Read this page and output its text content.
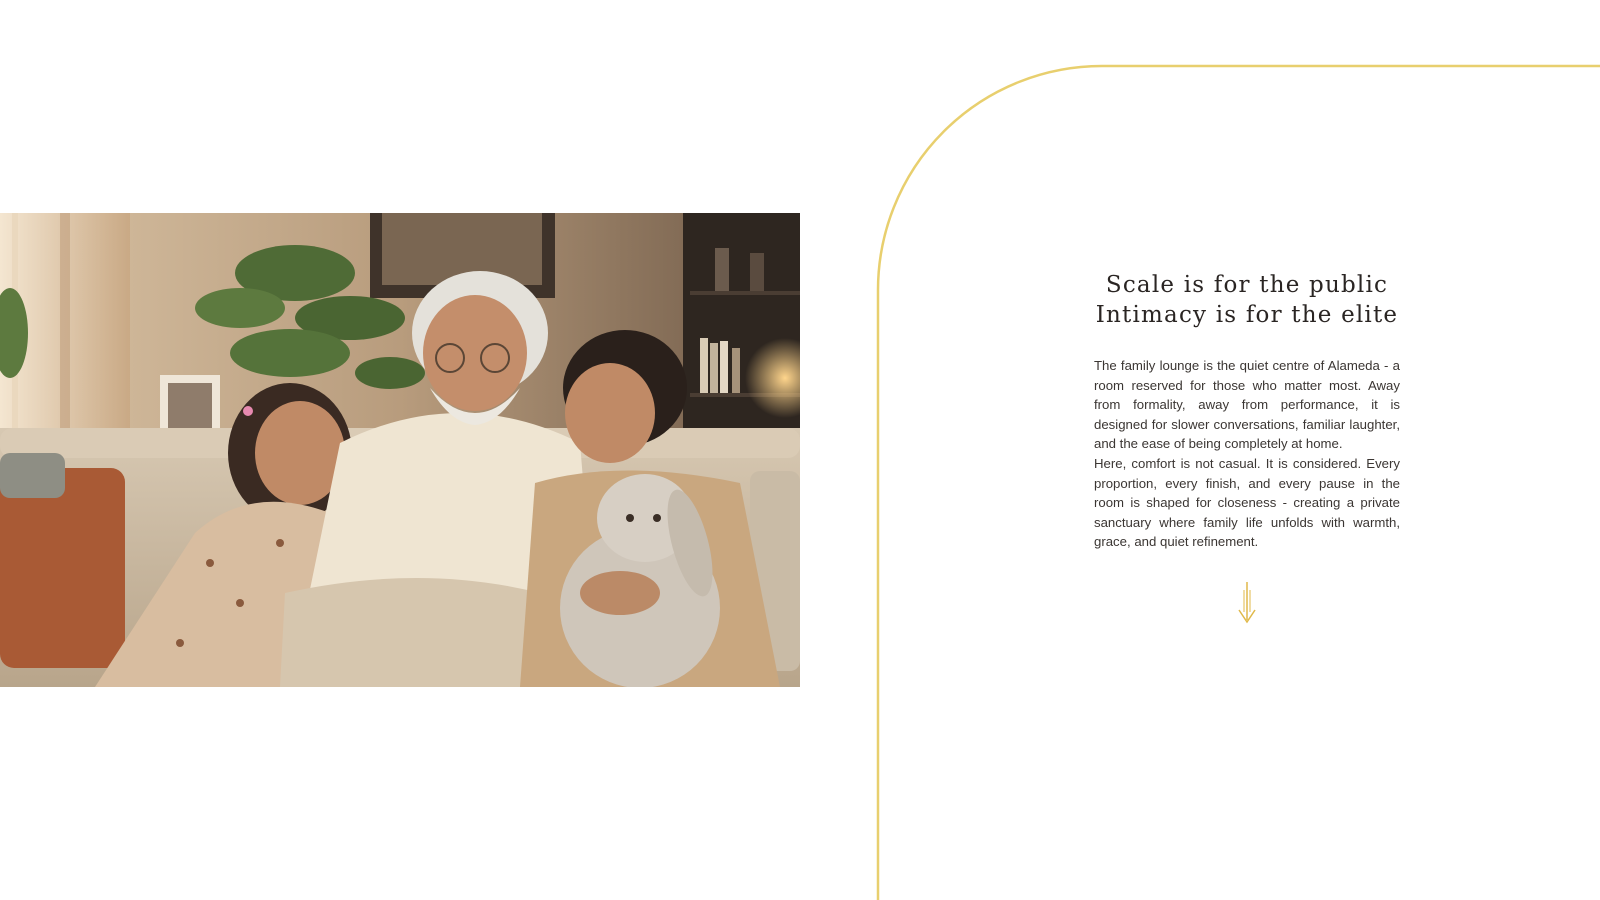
Scale is for the public
Intimacy is for the elite

The family lounge is the quiet centre of Alameda - a room reserved for those who matter most. Away from formality, away from performance, it is designed for slower conversations, familiar laughter, and the ease of being completely at home.

Here, comfort is not casual. It is considered. Every proportion, every finish, and every pause in the room is shaped for closeness - creating a private sanctuary where family life unfolds with warmth, grace, and quiet refinement.
